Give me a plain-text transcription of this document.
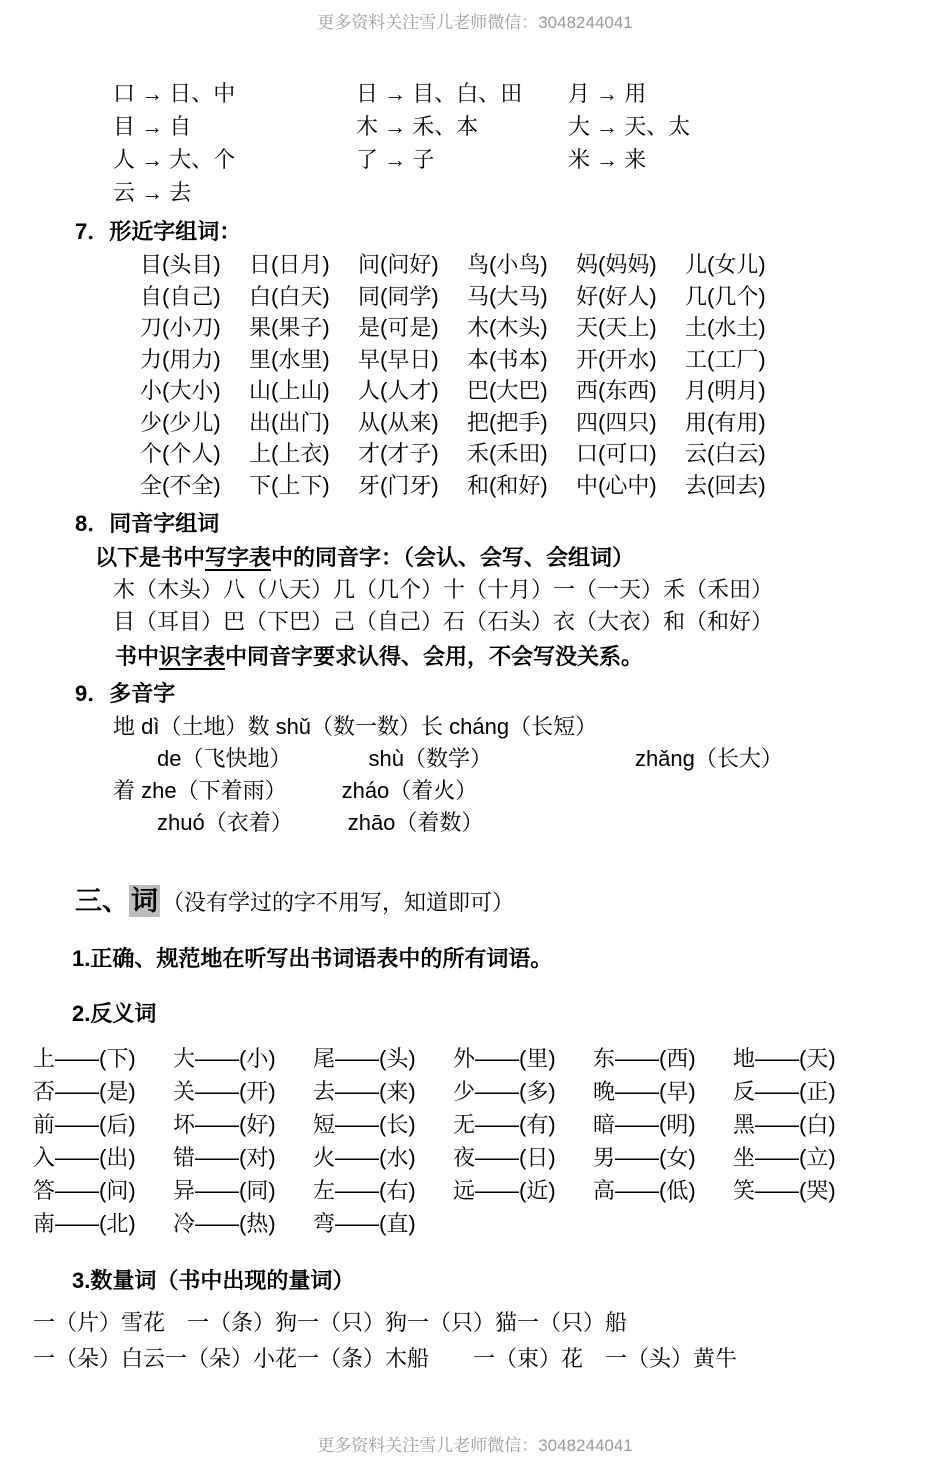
更多资料关注雪儿老师微信：3048244041
口 → 日、中	日 → 目、白、田	月 → 用
目 → 自	木 → 禾、本	大 → 天、太
人 → 大、个	了 → 子	米 → 来
云 → 去
7．形近字组词：
目(头目)	日(日月)	问(问好)	鸟(小鸟)	妈(妈妈)	儿(女儿)
自(自己)	白(白天)	同(同学)	马(大马)	好(好人)	几(几个)
刀(小刀)	果(果子)	是(可是)	木(木头)	天(天上)	土(水土)
力(用力)	里(水里)	早(早日)	本(书本)	开(开水)	工(工厂)
小(大小)	山(上山)	人(人才)	巴(大巴)	西(东西)	月(明月)
少(少儿)	出(出门)	从(从来)	把(把手)	四(四只)	用(有用)
个(个人)	上(上衣)	才(才子)	禾(禾田)	口(可口)	云(白云)
全(不全)	下(上下)	牙(门牙)	和(和好)	中(心中)	去(回去)
8．同音字组词
以下是书中写字表中的同音字：（会认、会写、会组词）
木（木头）八（八天）几（几个）十（十月）一（一天）禾（禾田）
目（耳目）巴（下巴）己（自己）石（石头）衣（大衣）和（和好）
书中识字表中同音字要求认得、会用，不会写没关系。
9．多音字
地 dì（土地）数 shǔ（数一数）长 cháng（长短）
　　de（飞快地）　　　　shù（数学）　　　　　　　zhǎng（长大）
着 zhe（下着雨）　　　zháo（着火）
　　zhuó（衣着）　　　zhāo（着数）
三、词 （没有学过的字不用写，知道即可）
1.正确、规范地在听写出书词语表中的所有词语。
2.反义词
上——(下)	大——(小)	尾——(头)	外——(里)	东——(西)	地——(天)
否——(是)	关——(开)	去——(来)	少——(多)	晚——(早)	反——(正)
前——(后)	坏——(好)	短——(长)	无——(有)	暗——(明)	黑——(白)
入——(出)	错——(对)	火——(水)	夜——(日)	男——(女)	坐——(立)
答——(问)	异——(同)	左——(右)	远——(近)	高——(低)	笑——(哭)
南——(北)	冷——(热)	弯——(直)
3.数量词（书中出现的量词）
一（片）雪花　一（条）狗一（只）狗一（只）猫一（只）船
一（朵）白云一（朵）小花一（条）木船　　一（束）花　一（头）黄牛
更多资料关注雪儿老师微信：3048244041
